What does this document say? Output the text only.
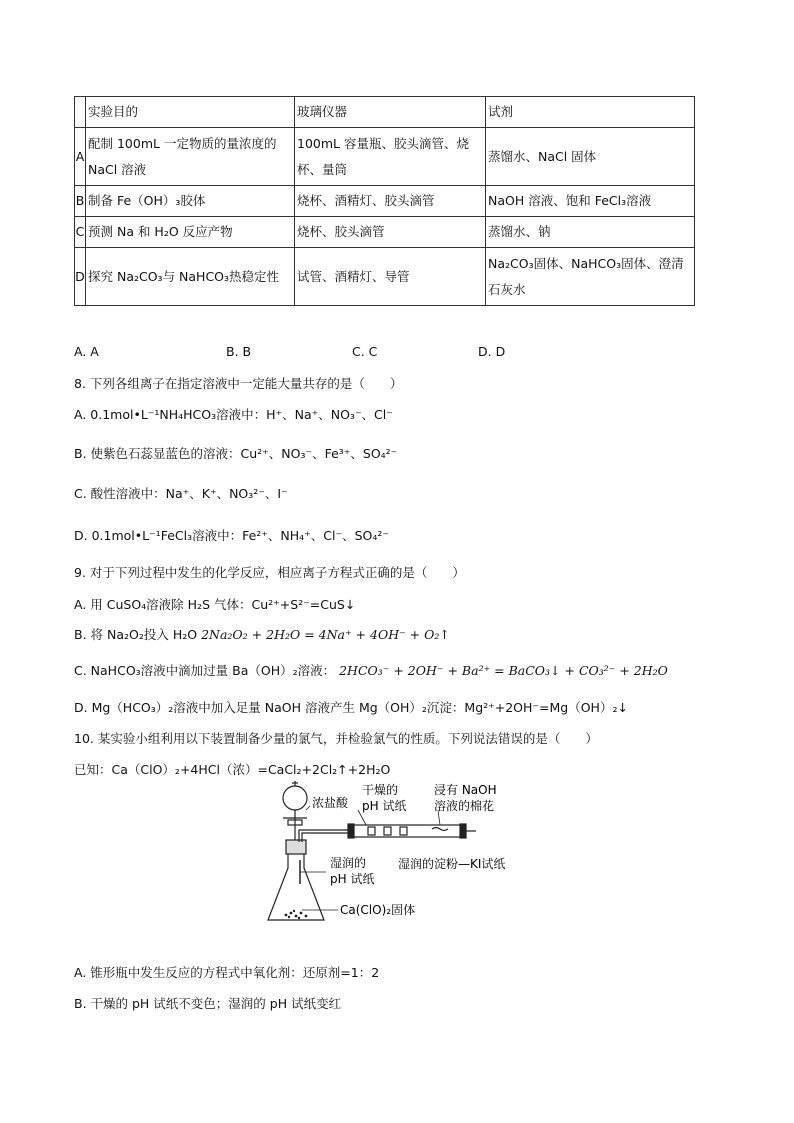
	实验目的	玻璃仪器	试剂
A	配制 100mL 一定物质的量浓度的 NaCl 溶液	100mL 容量瓶、胶头滴管、烧杯、量筒	蒸馏水、NaCl 固体
B	制备 Fe（OH）₃胶体	烧杯、酒精灯、胶头滴管	NaOH 溶液、饱和 FeCl₃溶液
C	预测 Na 和 H₂O 反应产物	烧杯、胶头滴管	蒸馏水、钠
D	探究 Na₂CO₃与 NaHCO₃热稳定性	试管、酒精灯、导管	Na₂CO₃固体、NaHCO₃固体、澄清石灰水
A. A	B. B	C. C	D. D
8. 下列各组离子在指定溶液中一定能大量共存的是（　　）
A. 0.1mol•L⁻¹NH₄HCO₃溶液中：H⁺、Na⁺、NO₃⁻、Cl⁻
B. 使紫色石蕊显蓝色的溶液：Cu²⁺、NO₃⁻、Fe³⁺、SO₄²⁻
C. 酸性溶液中：Na⁺、K⁺、NO₃²⁻、I⁻
D. 0.1mol•L⁻¹FeCl₃溶液中：Fe²⁺、NH₄⁺、Cl⁻、SO₄²⁻
9. 对于下列过程中发生的化学反应，相应离子方程式正确的是（　　）
A. 用 CuSO₄溶液除 H₂S 气体：Cu²⁺+S²⁻=CuS↓
B. 将 Na₂O₂投入 H₂O 2Na₂O₂ + 2H₂O = 4Na⁺ + 4OH⁻ + O₂↑
C. NaHCO₃溶液中滴加过量 Ba（OH）₂溶液： 2HCO₃⁻ + 2OH⁻ + Ba²⁺ = BaCO₃↓ + CO₃²⁻ + 2H₂O
D. Mg（HCO₃）₂溶液中加入足量 NaOH 溶液产生 Mg（OH）₂沉淀：Mg²⁺+2OH⁻=Mg（OH）₂↓
10. 某实验小组利用以下装置制备少量的氯气，并检验氯气的性质。下列说法错误的是（　　）
已知：Ca（ClO）₂+4HCl（浓）=CaCl₂+2Cl₂↑+2H₂O
浓盐酸
干燥的
pH 试纸
浸有 NaOH
溶液的棉花
湿润的
pH 试纸
湿润的淀粉—KI试纸
Ca(ClO)₂固体
A. 锥形瓶中发生反应的方程式中氧化剂：还原剂=1：2
B. 干燥的 pH 试纸不变色；湿润的 pH 试纸变红
